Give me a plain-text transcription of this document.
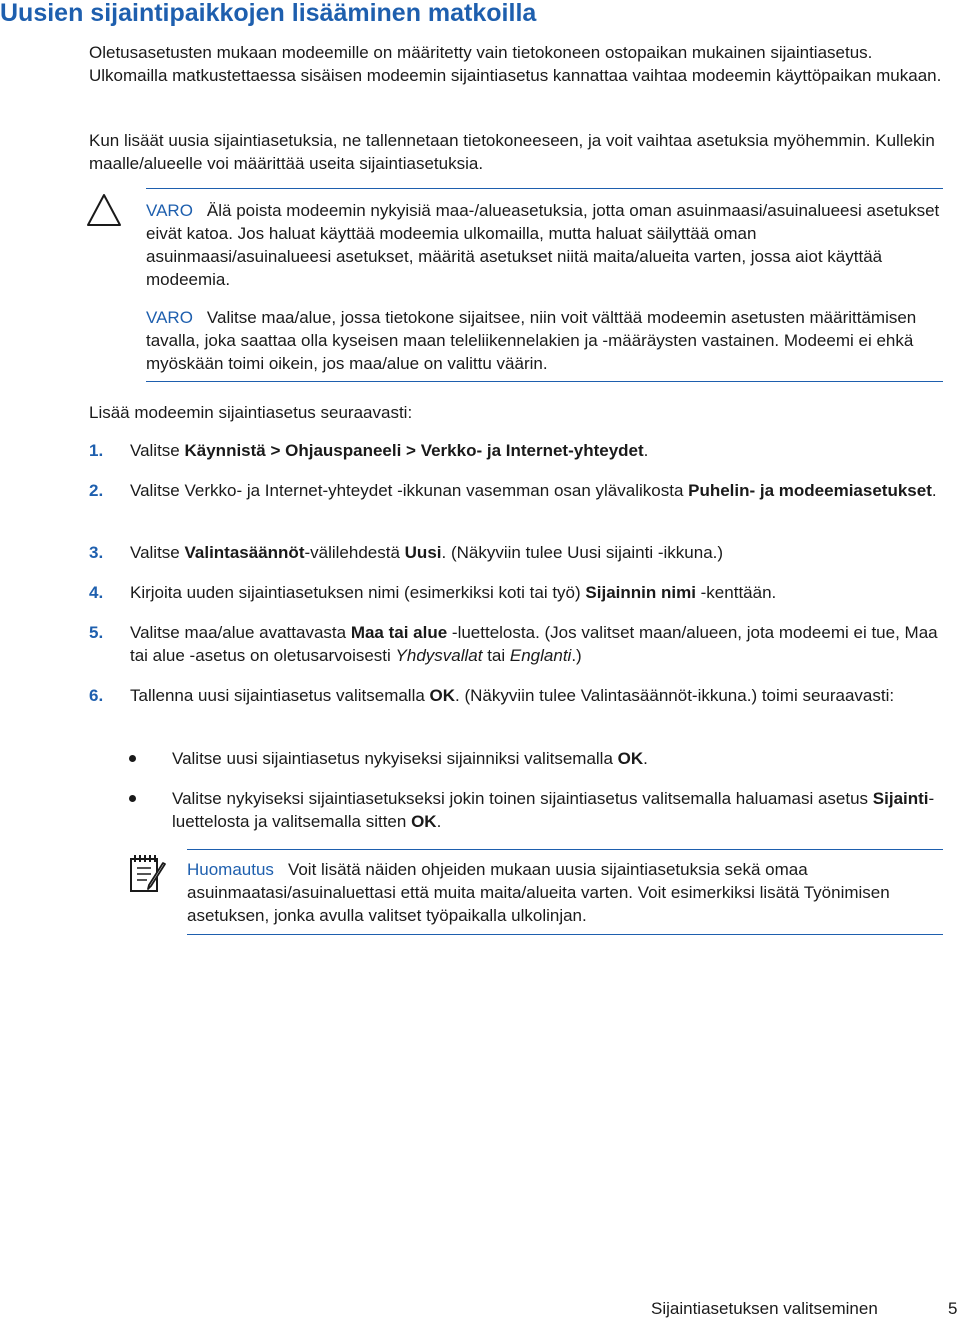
Uusien sijaintipaikkojen lisääminen matkoilla

Oletusasetusten mukaan modeemille on määritetty vain tietokoneen ostopaikan mukainen sijaintiasetus. Ulkomailla matkustettaessa sisäisen modeemin sijaintiasetus kannattaa vaihtaa modeemin käyttöpaikan mukaan.

Kun lisäät uusia sijaintiasetuksia, ne tallennetaan tietokoneeseen, ja voit vaihtaa asetuksia myöhemmin. Kullekin maalle/alueelle voi määrittää useita sijaintiasetuksia.

VARO Älä poista modeemin nykyisiä maa-/alueasetuksia, jotta oman asuinmaasi/asuinalueesi asetukset eivät katoa. Jos haluat käyttää modeemia ulkomailla, mutta haluat säilyttää oman asuinmaasi/asuinalueesi asetukset, määritä asetukset niitä maita/alueita varten, jossa aiot käyttää modeemia.
VARO Valitse maa/alue, jossa tietokone sijaitsee, niin voit välttää modeemin asetusten määrittämisen tavalla, joka saattaa olla kyseisen maan teleliikennelakien ja -määräysten vastainen. Modeemi ei ehkä myöskään toimi oikein, jos maa/alue on valittu väärin.
Lisää modeemin sijaintiasetus seuraavasti:
1. Valitse Käynnistä > Ohjauspaneeli > Verkko- ja Internet-yhteydet.
2. Valitse Verkko- ja Internet-yhteydet -ikkunan vasemman osan ylävalikosta Puhelin- ja modeemiasetukset.
3. Valitse Valintasäännöt-välilehdestä Uusi. (Näkyviin tulee Uusi sijainti -ikkuna.)
4. Kirjoita uuden sijaintiasetuksen nimi (esimerkiksi koti tai työ) Sijainnin nimi -kenttään.
5. Valitse maa/alue avattavasta Maa tai alue -luettelosta. (Jos valitset maan/alueen, jota modeemi ei tue, Maa tai alue -asetus on oletusarvoisesti Yhdysvallat tai Englanti.)
6. Tallenna uusi sijaintiasetus valitsemalla OK. (Näkyviin tulee Valintasäännöt-ikkuna.) toimi seuraavasti:
Valitse uusi sijaintiasetus nykyiseksi sijainniksi valitsemalla OK.
Valitse nykyiseksi sijaintiasetukseksi jokin toinen sijaintiasetus valitsemalla haluamasi asetus Sijainti-luettelosta ja valitsemalla sitten OK.
Huomautus Voit lisätä näiden ohjeiden mukaan uusia sijaintiasetuksia sekä omaa asuinmaatasi/asuinaluettasi että muita maita/alueita varten. Voit esimerkiksi lisätä Työnimisen asetuksen, jonka avulla valitset työpaikalla ulkolinjan.
Sijaintiasetuksen valitseminen	5
